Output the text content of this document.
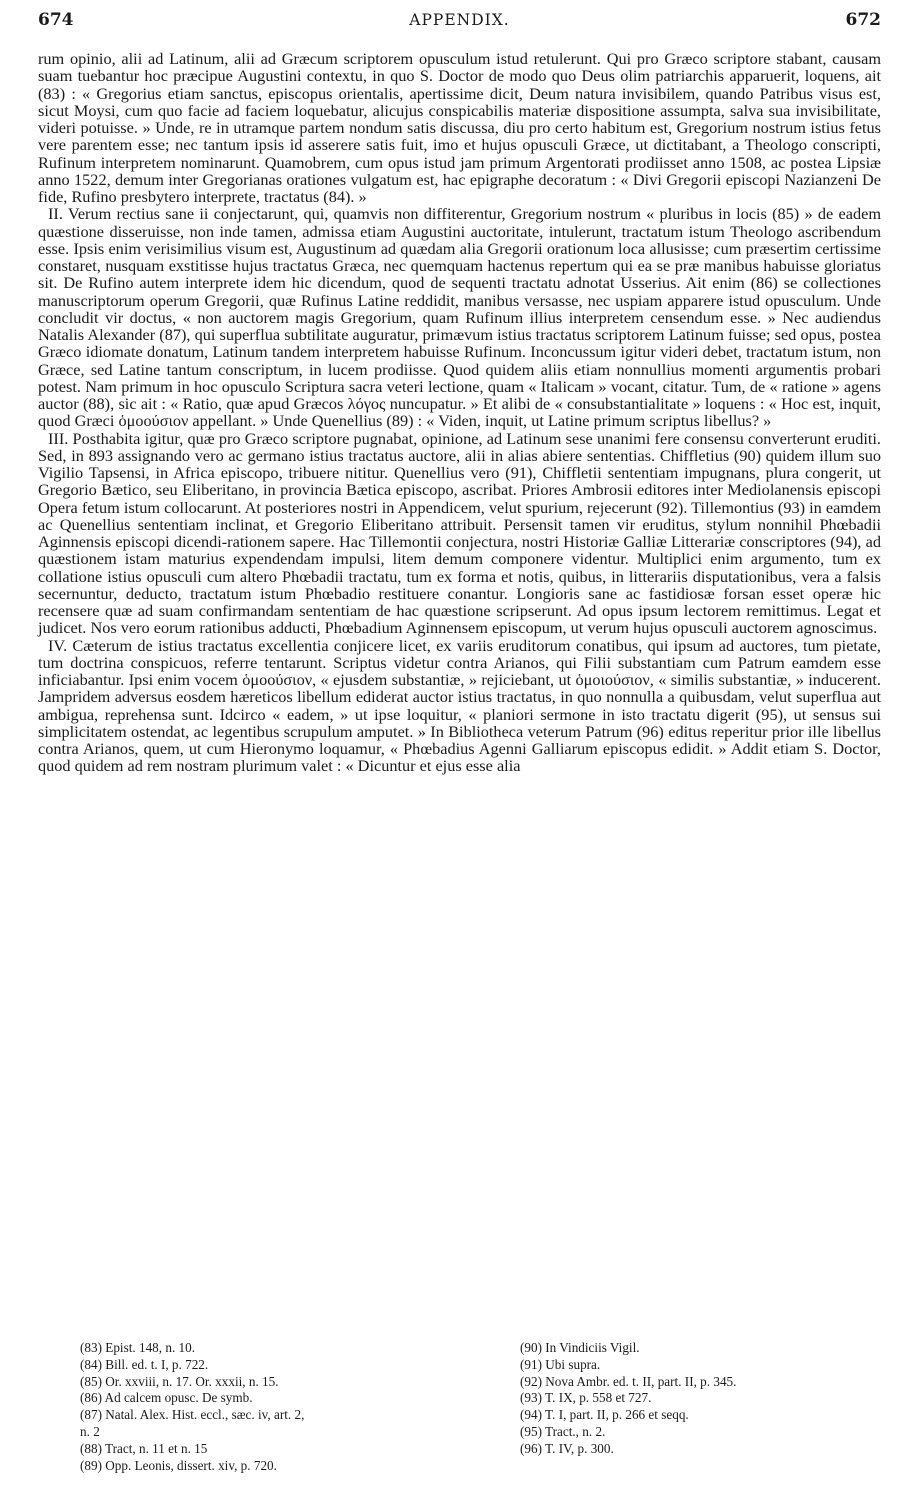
674	APPENDIX.	672

rum opinio, alii ad Latinum, alii ad Græcum scriptorem opusculum istud retulerunt. Qui pro Græco scriptore stabant, causam suam tuebantur hoc præcipue Augustini contextu, in quo S. Doctor de modo quo Deus olim patriarchis apparuerit, loquens, ait (83) : « Gregorius etiam sanctus, episcopus orientalis, apertissime dicit, Deum natura invisibilem, quando Patribus visus est, sicut Moysi, cum quo facie ad faciem loquebatur, alicujus conspicabilis materiæ dispositione assumpta, salva sua invisibilitate, videri potuisse. » Unde, re in utramque partem nondum satis discussa, diu pro certo habitum est, Gregorium nostrum istius fetus vere parentem esse; nec tantum ipsis id asserere satis fuit, imo et hujus opusculi Græce, ut dictitabant, a Theologo conscripti, Rufinum interpretem nominarunt. Quamobrem, cum opus istud jam primum Argentorati prodiisset anno 1508, ac postea Lipsiæ anno 1522, demum inter Gregorianas orationes vulgatum est, hac epigraphe decoratum : « Divi Gregorii episcopi Nazianzeni De fide, Rufino presbytero interprete, tractatus (84). »

II. Verum rectius sane ii conjectarunt, qui, quamvis non diffiterentur, Gregorium nostrum « pluribus in locis (85) » de eadem quæstione disseruisse, non inde tamen, admissa etiam Augustini auctoritate, intulerunt, tractatum istum Theologo ascribendum esse. Ipsis enim verisimilius visum est, Augustinum ad quædam alia Gregorii orationum loca allusisse; cum præsertim certissime constaret, nusquam exstitisse hujus tractatus Græca, nec quemquam hactenus repertum qui ea se præ manibus habuisse gloriatus sit. De Rufino autem interprete idem hic dicendum, quod de sequenti tractatu adnotat Usserius. Ait enim (86) se collectiones manuscriptorum operum Gregorii, quæ Rufinus Latine reddidit, manibus versasse, nec uspiam apparere istud opusculum. Unde concludit vir doctus, « non auctorem magis Gregorium, quam Rufinum illius interpretem censendum esse. » Nec audiendus Natalis Alexander (87), qui superflua subtilitate auguratur, primævum istius tractatus scriptorem Latinum fuisse; sed opus, postea Græco idiomate donatum, Latinum tandem interpretem habuisse Rufinum. Inconcussum igitur videri debet, tractatum istum, non Græce, sed Latine tantum conscriptum, in lucem prodiisse. Quod quidem aliis etiam nonnullius momenti argumentis probari potest. Nam primum in hoc opusculo Scriptura sacra veteri lectione, quam « Italicam » vocant, citatur. Tum, de « ratione » agens auctor (88), sic ait : « Ratio, quæ apud Græcos λόγος nuncupatur. » Et alibi de « consubstantialitate » loquens : « Hoc est, inquit, quod Græci ὁμοούσιον appellant. » Unde Quenellius (89) : « Viden, inquit, ut Latine primum scriptus libellus? »

III. Posthabita igitur, quæ pro Græco scriptore pugnabat, opinione, ad Latinum sese unanimi fere consensu converterunt eruditi. Sed, in 893 assignando vero ac germano istius tractatus auctore, alii in alias abiere sententias. Chiffletius (90) quidem illum suo Vigilio Tapsensi, in Africa episcopo, tribuere nititur. Quenellius vero (91), Chiffletii sententiam impugnans, plura congerit, ut Gregorio Bætico, seu Eliberitano, in provincia Bætica episcopo, ascribat. Priores Ambrosii editores inter Mediolanensis episcopi Opera fetum istum collocarunt. At posteriores nostri in Appendicem, velut spurium, rejecerunt (92). Tillemontius (93) in eamdem ac Quenellius sententiam inclinat, et Gregorio Eliberitano attribuit. Persensit tamen vir eruditus, stylum nonnihil Phœbadii Aginnensis episcopi dicendi-rationem sapere. Hac Tillemontii conjectura, nostri Historiæ Galliæ Litterariæ conscriptores (94), ad quæstionem istam maturius expendendam impulsi, litem demum componere videntur. Multiplici enim argumento, tum ex collatione istius opusculi cum altero Phœbadii tractatu, tum ex forma et notis, quibus, in litterariis disputationibus, vera a falsis secernuntur, deducto, tractatum istum Phœbadio restituere conantur. Longioris sane ac fastidiosæ forsan esset operæ hic recensere quæ ad suam confirmandam sententiam de hac quæstione scripserunt. Ad opus ipsum lectorem remittimus. Legat et judicet. Nos vero eorum rationibus adducti, Phœbadium Aginnensem episcopum, ut verum hujus opusculi auctorem agnoscimus.

IV. Cæterum de istius tractatus excellentia conjicere licet, ex variis eruditorum conatibus, qui ipsum ad auctores, tum pietate, tum doctrina conspicuos, referre tentarunt. Scriptus videtur contra Arianos, qui Filii substantiam cum Patrum eamdem esse inficiabantur. Ipsi enim vocem ὁμοούσιον, « ejusdem substantiæ, » rejiciebant, ut ὁμοιούσιον, « similis substantiæ, » inducerent. Jampridem adversus eosdem hæreticos libellum ediderat auctor istius tractatus, in quo nonnulla a quibusdam, velut superflua aut ambigua, reprehensa sunt. Idcirco « eadem, » ut ipse loquitur, « planiori sermone in isto tractatu digerit (95), ut sensus sui simplicitatem ostendat, ac legentibus scrupulum amputet. » In Bibliotheca veterum Patrum (96) editus reperitur prior ille libellus contra Arianos, quem, ut cum Hieronymo loquamur, « Phœbadius Agenni Galliarum episcopus edidit. » Addit etiam S. Doctor, quod quidem ad rem nostram plurimum valet : « Dicuntur et ejus esse alia

(83) Epist. 148, n. 10.
(84) Bill. ed. t. I, p. 722.
(85) Or. xxviii, n. 17. Or. xxxii, n. 15.
(86) Ad calcem opusc. De symb.
(87) Natal. Alex. Hist. eccl., sæc. iv, art. 2,
n. 2
(88) Tract, n. 11 et n. 15
(89) Opp. Leonis, dissert. xiv, p. 720.
(90) In Vindiciis Vigil.
(91) Ubi supra.
(92) Nova Ambr. ed. t. II, part. II, p. 345.
(93) T. IX, p. 558 et 727.
(94) T. I, part. II, p. 266 et seqq.
(95) Tract., n. 2.
(96) T. IV, p. 300.
